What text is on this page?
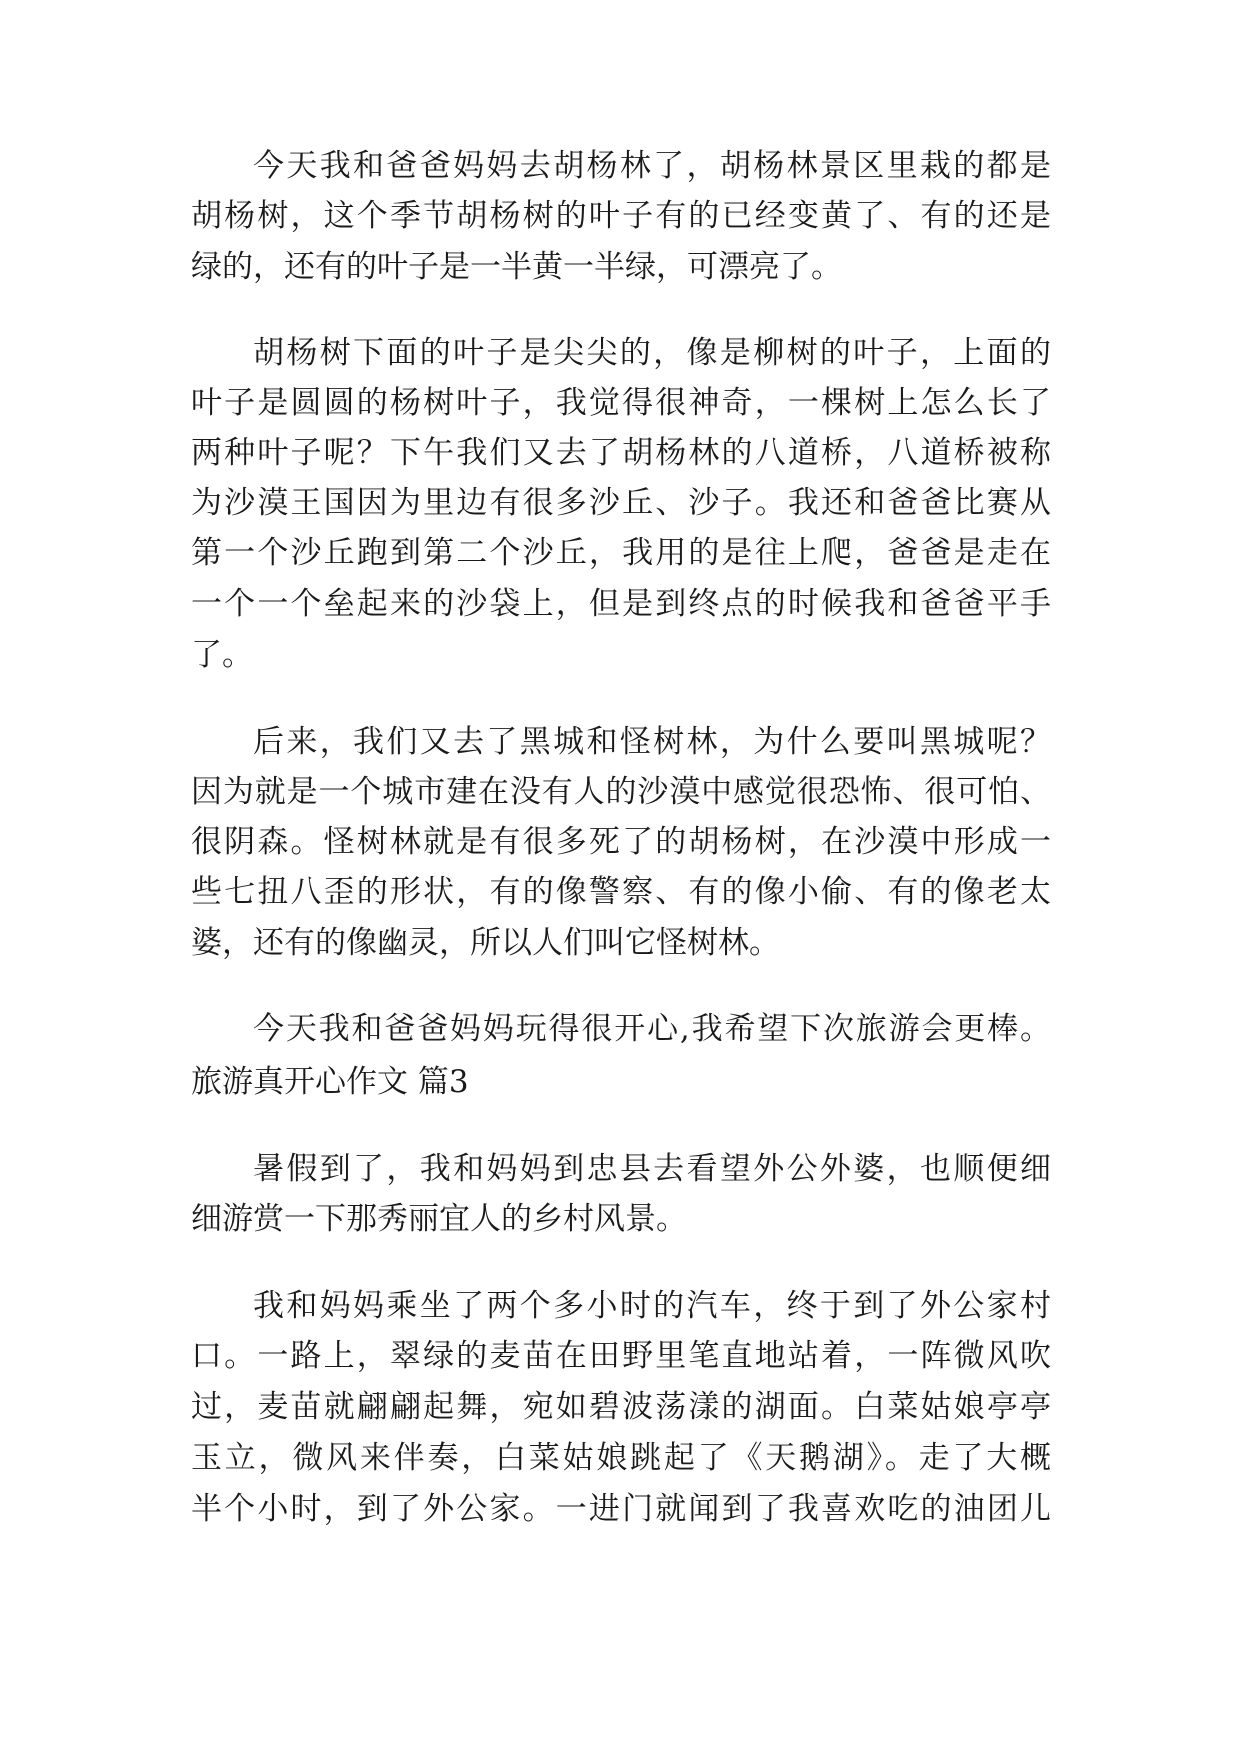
今天我和爸爸妈妈去胡杨林了，胡杨林景区里栽的都是
胡杨树，这个季节胡杨树的叶子有的已经变黄了、有的还是
绿的，还有的叶子是一半黄一半绿，可漂亮了。
胡杨树下面的叶子是尖尖的，像是柳树的叶子，上面的
叶子是圆圆的杨树叶子，我觉得很神奇，一棵树上怎么长了
两种叶子呢？下午我们又去了胡杨林的八道桥，八道桥被称
为沙漠王国因为里边有很多沙丘、沙子。我还和爸爸比赛从
第一个沙丘跑到第二个沙丘，我用的是往上爬，爸爸是走在
一个一个垒起来的沙袋上，但是到终点的时候我和爸爸平手
了。
后来，我们又去了黑城和怪树林，为什么要叫黑城呢？
因为就是一个城市建在没有人的沙漠中感觉很恐怖、很可怕、
很阴森。怪树林就是有很多死了的胡杨树，在沙漠中形成一
些七扭八歪的形状，有的像警察、有的像小偷、有的像老太
婆，还有的像幽灵，所以人们叫它怪树林。
今天我和爸爸妈妈玩得很开心,我希望下次旅游会更棒。
旅游真开心作文 篇3
暑假到了，我和妈妈到忠县去看望外公外婆，也顺便细
细游赏一下那秀丽宜人的乡村风景。
我和妈妈乘坐了两个多小时的汽车，终于到了外公家村
口。一路上，翠绿的麦苗在田野里笔直地站着，一阵微风吹
过，麦苗就翩翩起舞，宛如碧波荡漾的湖面。白菜姑娘亭亭
玉立，微风来伴奏，白菜姑娘跳起了《天鹅湖》。走了大概
半个小时，到了外公家。一进门就闻到了我喜欢吃的油团儿
